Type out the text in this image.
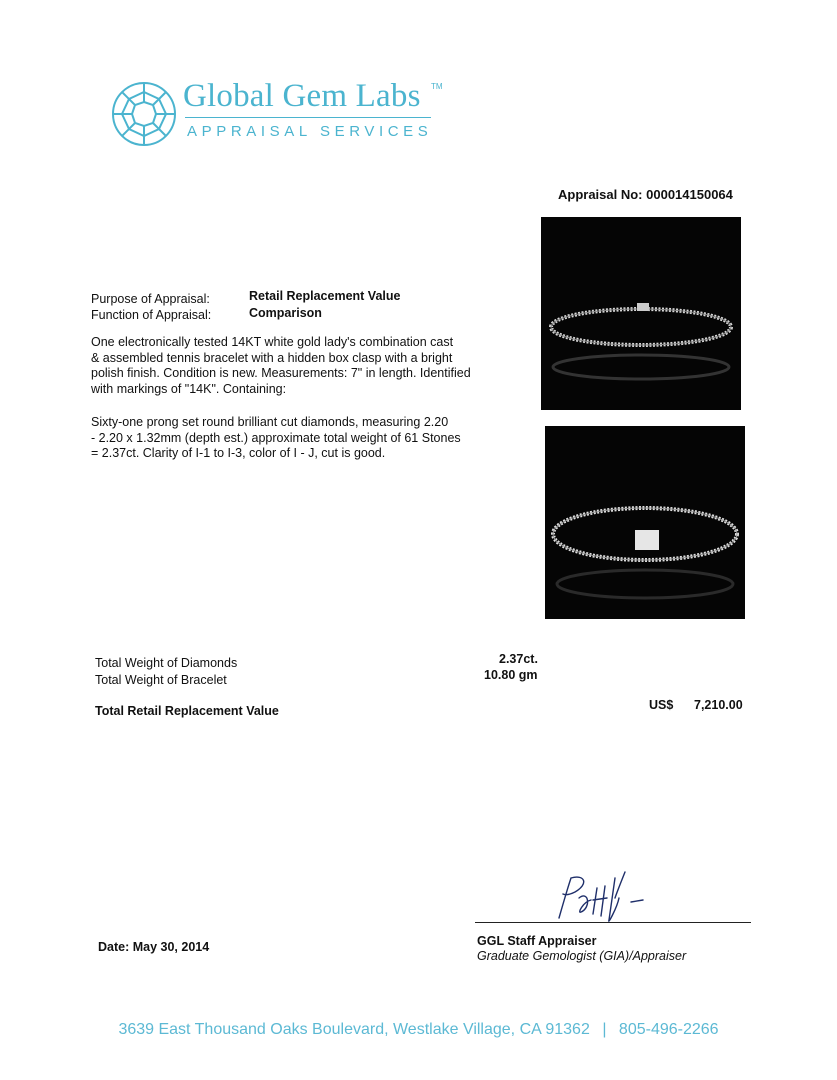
Global Gem Labs TM
APPRAISAL SERVICES
Appraisal No: 000014150064
Purpose of Appraisal:	Retail Replacement Value
Function of Appraisal:	Comparison
One electronically tested 14KT white gold lady's combination cast
& assembled tennis bracelet with a hidden box clasp with a bright
polish finish. Condition is new. Measurements: 7" in length. Identified
with markings of "14K". Containing:
Sixty-one prong set round brilliant cut diamonds, measuring 2.20
- 2.20 x 1.32mm (depth est.) approximate total weight of 61 Stones
= 2.37ct. Clarity of I-1 to I-3, color of I - J, cut is good.
Total Weight of Diamonds	2.37ct.
Total Weight of Bracelet	10.80 gm
Total Retail Replacement Value	US$ 7,210.00
Date: May 30, 2014	GGL Staff Appraiser
Graduate Gemologist (GIA)/Appraiser
3639 East Thousand Oaks Boulevard, Westlake Village, CA 91362 | 805-496-2266
